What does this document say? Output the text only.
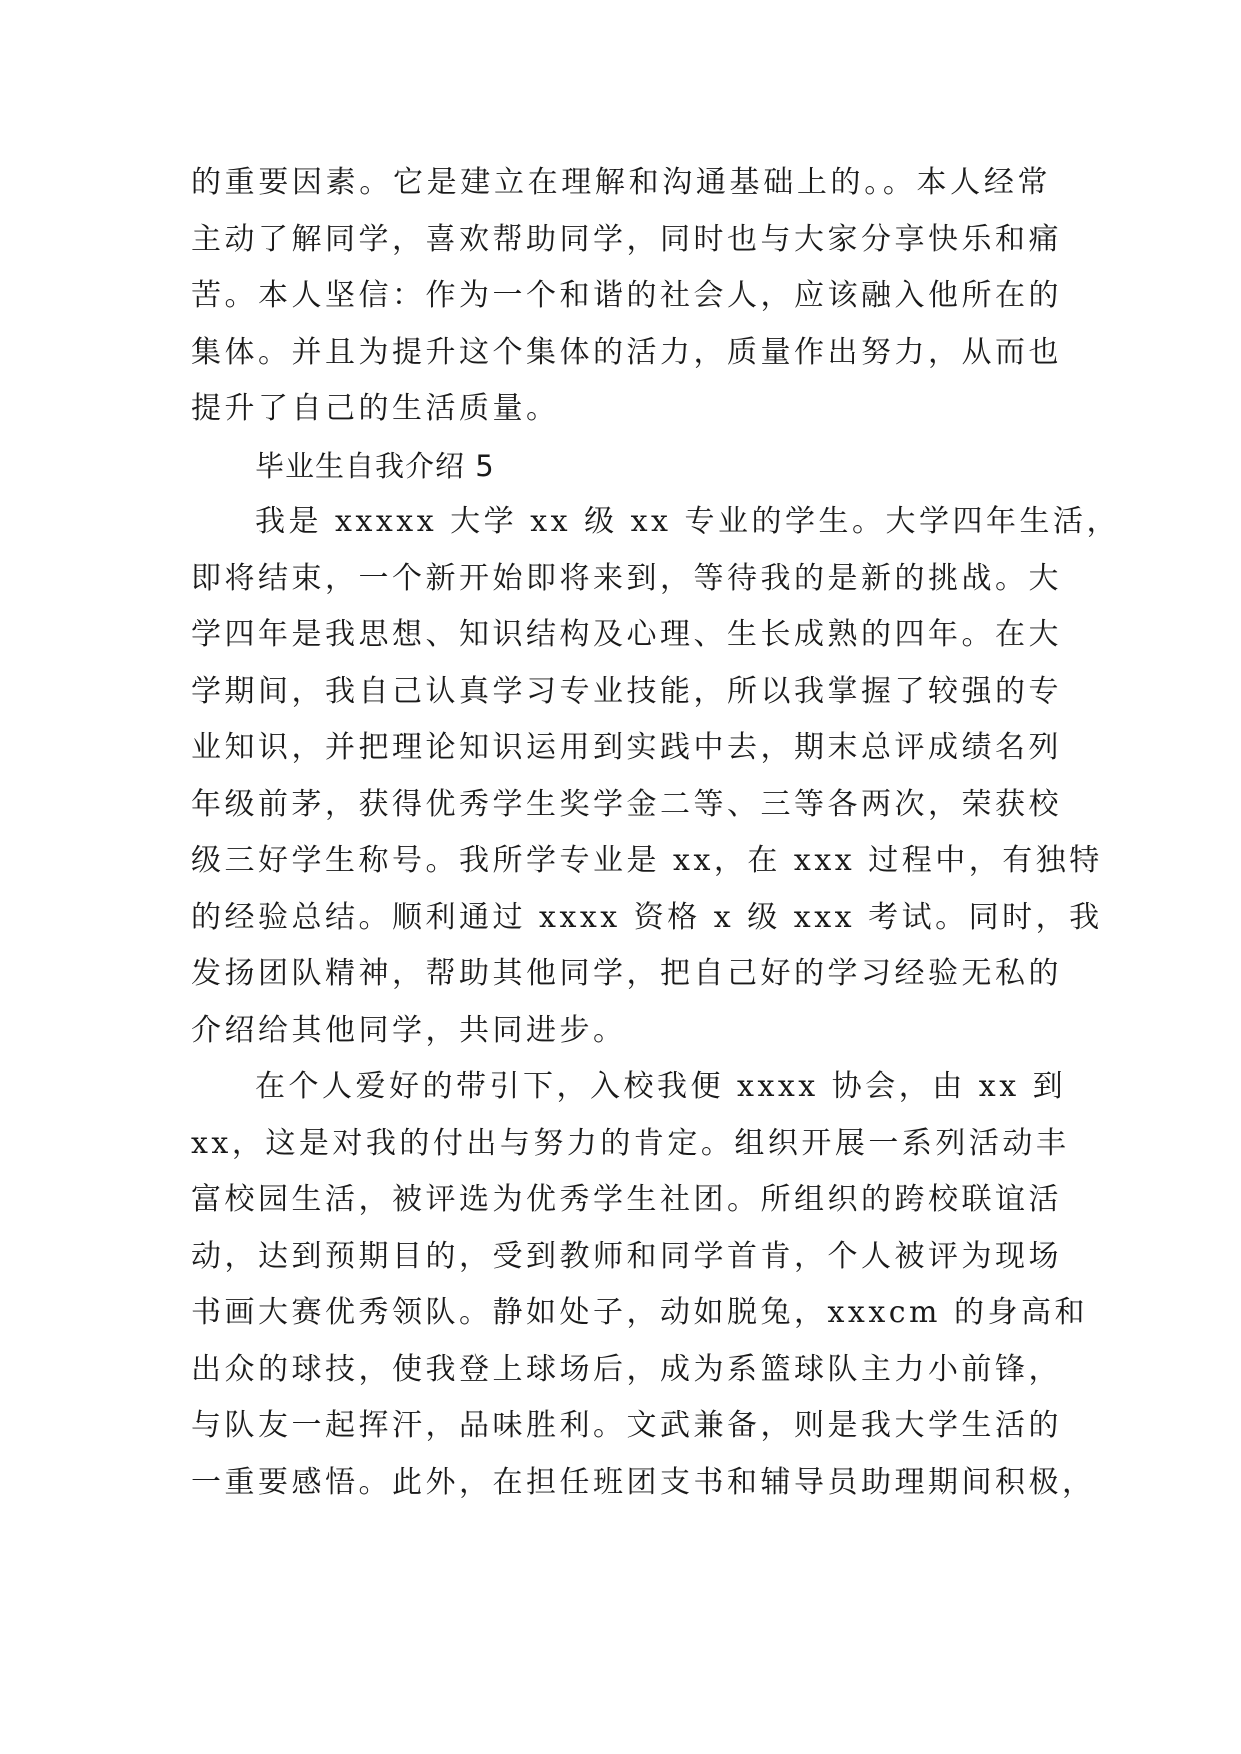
的重要因素。它是建立在理解和沟通基础上的。。本人经常
主动了解同学，喜欢帮助同学，同时也与大家分享快乐和痛
苦。本人坚信：作为一个和谐的社会人，应该融入他所在的
集体。并且为提升这个集体的活力，质量作出努力，从而也
提升了自己的生活质量。
毕业生自我介绍 5
我是 xxxxx 大学 xx 级 xx 专业的学生。大学四年生活，
即将结束，一个新开始即将来到，等待我的是新的挑战。大
学四年是我思想、知识结构及心理、生长成熟的四年。在大
学期间，我自己认真学习专业技能，所以我掌握了较强的专
业知识，并把理论知识运用到实践中去，期末总评成绩名列
年级前茅，获得优秀学生奖学金二等、三等各两次，荣获校
级三好学生称号。我所学专业是 xx，在 xxx 过程中，有独特
的经验总结。顺利通过 xxxx 资格 x 级 xxx 考试。同时，我
发扬团队精神，帮助其他同学，把自己好的学习经验无私的
介绍给其他同学，共同进步。
在个人爱好的带引下，入校我便 xxxx 协会，由 xx 到
xx，这是对我的付出与努力的肯定。组织开展一系列活动丰
富校园生活，被评选为优秀学生社团。所组织的跨校联谊活
动，达到预期目的，受到教师和同学首肯，个人被评为现场
书画大赛优秀领队。静如处子，动如脱兔，xxxcm 的身高和
出众的球技，使我登上球场后，成为系篮球队主力小前锋，
与队友一起挥汗，品味胜利。文武兼备，则是我大学生活的
一重要感悟。此外，在担任班团支书和辅导员助理期间积极，
